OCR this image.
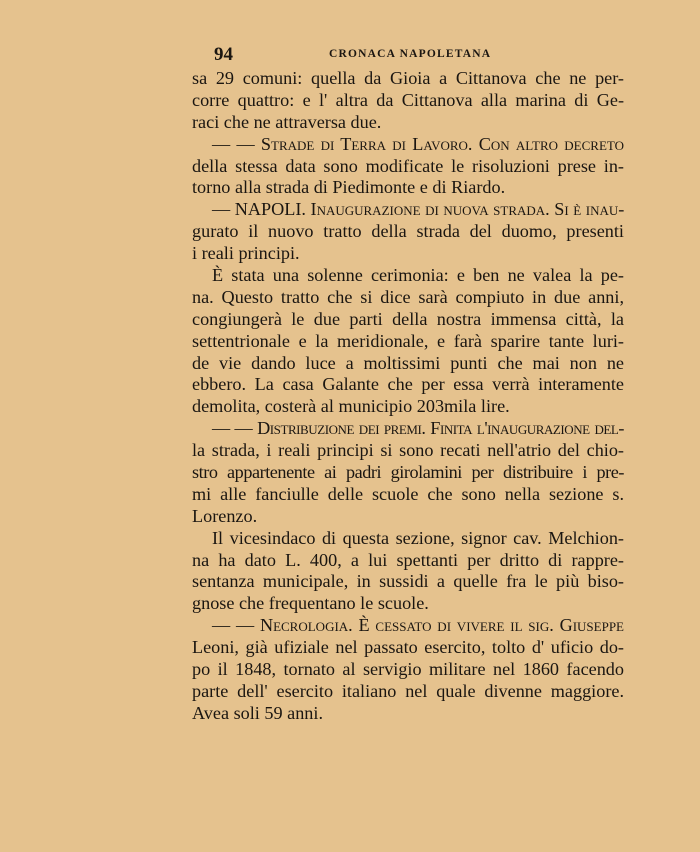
94	CRONACA NAPOLETANA
sa 29 comuni: quella da Gioia a Cittanova che ne per-
corre quattro: e l' altra da Cittanova alla marina di Ge-
raci che ne attraversa due.
— — Strade di Terra di Lavoro. Con altro decreto
della stessa data sono modificate le risoluzioni prese in-
torno alla strada di Piedimonte e di Riardo.
— NAPOLI. Inaugurazione di nuova strada. Si è inau-
gurato il nuovo tratto della strada del duomo, presenti
i reali principi.
È stata una solenne cerimonia: e ben ne valea la pe-
na. Questo tratto che si dice sarà compiuto in due anni,
congiungerà le due parti della nostra immensa città, la
settentrionale e la meridionale, e farà sparire tante luri-
de vie dando luce a moltissimi punti che mai non ne
ebbero. La casa Galante che per essa verrà interamente
demolita, costerà al municipio 203mila lire.
— — Distribuzione dei premi. Finita l'inaugurazione del-
la strada, i reali principi si sono recati nell'atrio del chio-
stro appartenente ai padri girolamini per distribuire i pre-
mi alle fanciulle delle scuole che sono nella sezione s.
Lorenzo.
Il vicesindaco di questa sezione, signor cav. Melchion-
na ha dato L. 400, a lui spettanti per dritto di rappre-
sentanza municipale, in sussidi a quelle fra le più biso-
gnose che frequentano le scuole.
— — Necrologia. È cessato di vivere il sig. Giuseppe
Leoni, già ufiziale nel passato esercito, tolto d' uficio do-
po il 1848, tornato al servigio militare nel 1860 facendo
parte dell' esercito italiano nel quale divenne maggiore.
Avea soli 59 anni.
